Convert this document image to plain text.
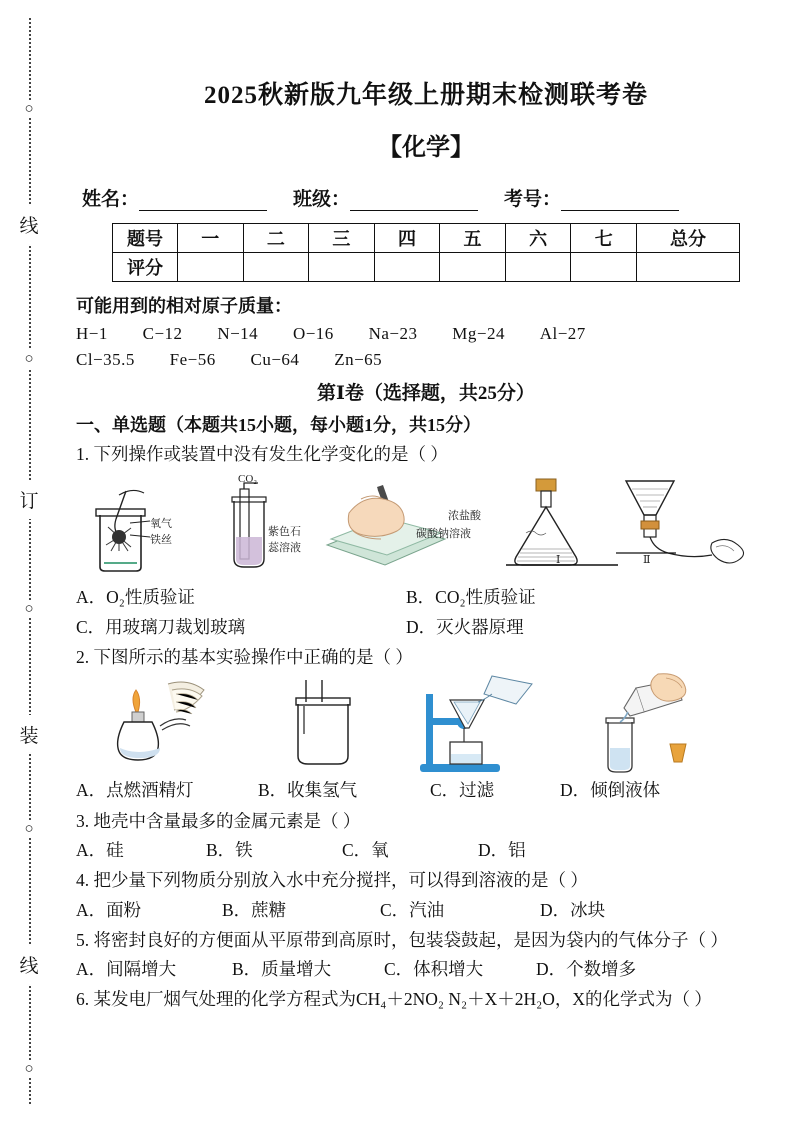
○
线
○
订
○
装
○
线
○
2025秋新版九年级上册期末检测联考卷
【化学】
姓名：	班级：	考号：
题号	一	二	三	四	五	六	七	总分
评分								
可能用到的相对原子质量：
H−1 C−12 N−14 O−16 Na−23 Mg−24 Al−27
Cl−35.5 Fe−56 Cu−64 Zn−65
第Ⅰ卷（选择题，共25分）
一、单选题（本题共15小题，每小题1分，共15分）
1. 下列操作或装置中没有发生化学变化的是（ ）
氧气
铁丝
CO₂
紫色石
蕊溶液
浓盐酸
碳酸钠溶液
Ⅰ	Ⅱ
A．O₂性质验证	B．CO₂性质验证
C．用玻璃刀裁划玻璃	D．灭火器原理
2. 下图所示的基本实验操作中正确的是（ ）
A．点燃酒精灯	B．收集氢气	C．过滤	D．倾倒液体
3. 地壳中含量最多的金属元素是（ ）
A．硅	B．铁	C．氧	D．铝
4. 把少量下列物质分别放入水中充分搅拌，可以得到溶液的是（ ）
A．面粉	B．蔗糖	C．汽油	D．冰块
5. 将密封良好的方便面从平原带到高原时，包装袋鼓起，是因为袋内的气体分子（ ）
A．间隔增大	B．质量增大	C．体积增大	D．个数增多
6. 某发电厂烟气处理的化学方程式为CH₄＋2NO₂ N₂＋X＋2H₂O，X的化学式为（ ）
